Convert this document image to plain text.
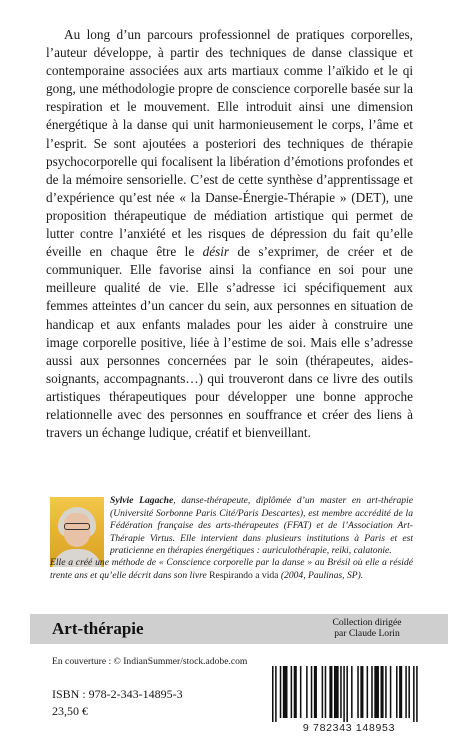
Au long d’un parcours professionnel de pratiques corporelles, l’auteur développe, à partir des techniques de danse classique et contemporaine associées aux arts martiaux comme l’aïkido et le qi gong, une méthodologie propre de conscience corporelle basée sur la respiration et le mouvement. Elle introduit ainsi une dimension énergétique à la danse qui unit harmonieusement le corps, l’âme et l’esprit. Se sont ajoutées a posteriori des techniques de thérapie psychocorporelle qui focalisent la libération d’émotions profondes et de la mémoire sensorielle. C’est de cette synthèse d’apprentissage et d’expérience qu’est née « la Danse-Énergie-Thérapie » (DET), une proposition thérapeutique de médiation artistique qui permet de lutter contre l’anxiété et les risques de dépression du fait qu’elle éveille en chaque être le désir de s’exprimer, de créer et de communiquer. Elle favorise ainsi la confiance en soi pour une meilleure qualité de vie. Elle s’adresse ici spécifiquement aux femmes atteintes d’un cancer du sein, aux personnes en situation de handicap et aux enfants malades pour les aider à construire une image corporelle positive, liée à l’estime de soi. Mais elle s’adresse aussi aux personnes concernées par le soin (thérapeutes, aides-soignants, accompagnants…) qui trouveront dans ce livre des outils artistiques thérapeutiques pour développer une bonne approche relationnelle avec des personnes en souffrance et créer des liens à travers un échange ludique, créatif et bienveillant.

Sylvie Lagache, danse-thérapeute, diplômée d’un master en art-thérapie (Université Sorbonne Paris Cité/Paris Descartes), est membre accrédité de la Fédération française des arts-thérapeutes (FFAT) et de l’Association Art-Thérapie Virtus. Elle intervient dans plusieurs institutions à Paris et est praticienne en thérapies énergétiques : auriculothérapie, reiki, calatonie.

Elle a créé une méthode de « Conscience corporelle par la danse » au Brésil où elle a résidé trente ans et qu’elle décrit dans son livre Respirando a vida (2004, Paulinas, SP).

Art-thérapie	Collection dirigée
par Claude Lorin
En couverture : © IndianSummer/stock.adobe.com
ISBN : 978-2-343-14895-3
23,50 €
9 782343 148953
